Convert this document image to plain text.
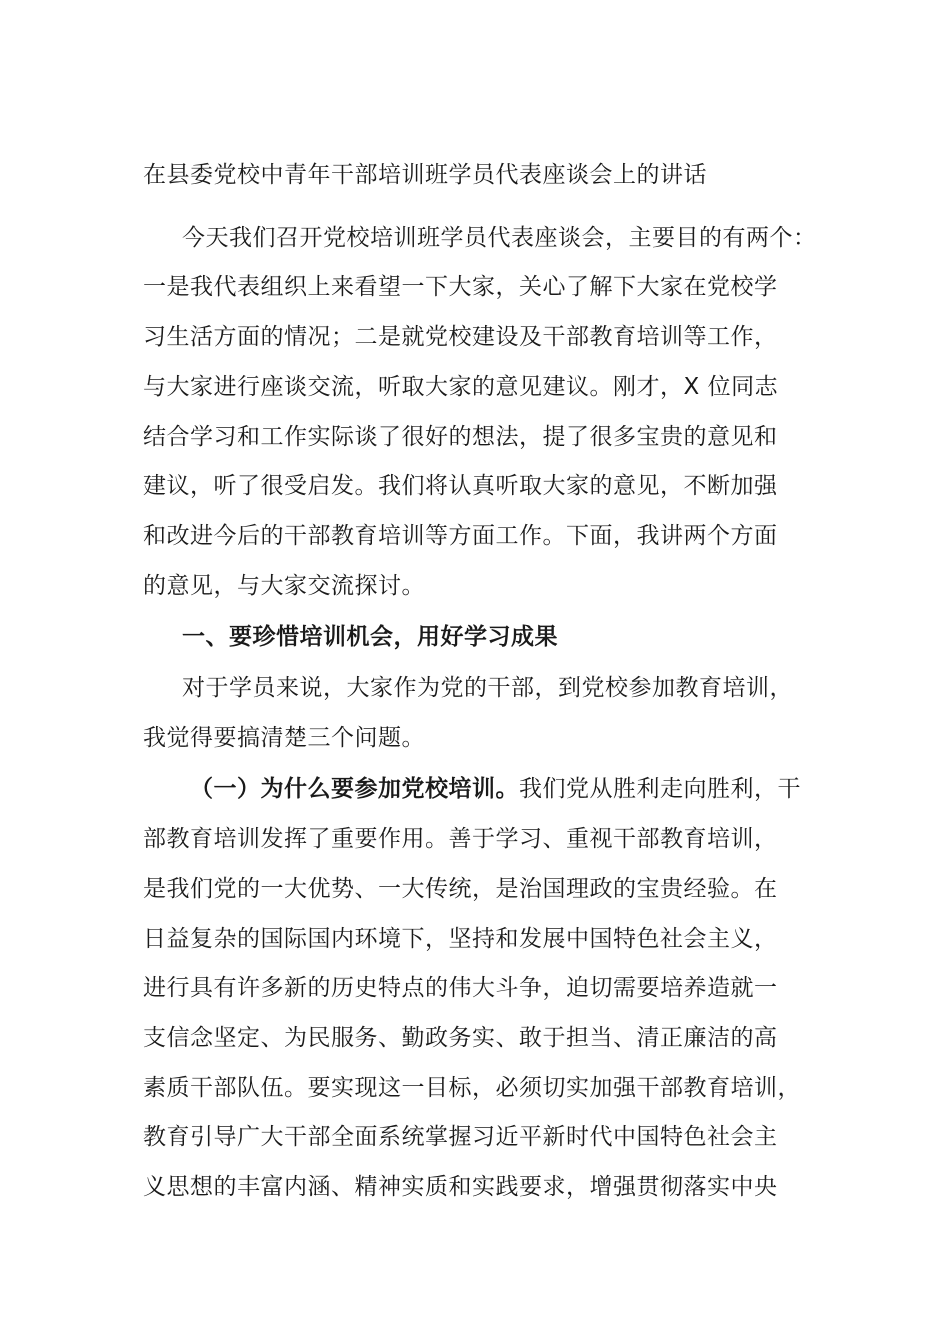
在县委党校中青年干部培训班学员代表座谈会上的讲话
今天我们召开党校培训班学员代表座谈会，主要目的有两个：
一是我代表组织上来看望一下大家，关心了解下大家在党校学
习生活方面的情况；二是就党校建设及干部教育培训等工作，
与大家进行座谈交流，听取大家的意见建议。刚才，X 位同志
结合学习和工作实际谈了很好的想法，提了很多宝贵的意见和
建议，听了很受启发。我们将认真听取大家的意见，不断加强
和改进今后的干部教育培训等方面工作。下面，我讲两个方面
的意见，与大家交流探讨。
一、要珍惜培训机会，用好学习成果
对于学员来说，大家作为党的干部，到党校参加教育培训，
我觉得要搞清楚三个问题。
（一）为什么要参加党校培训。我们党从胜利走向胜利，干
部教育培训发挥了重要作用。善于学习、重视干部教育培训，
是我们党的一大优势、一大传统，是治国理政的宝贵经验。在
日益复杂的国际国内环境下，坚持和发展中国特色社会主义，
进行具有许多新的历史特点的伟大斗争，迫切需要培养造就一
支信念坚定、为民服务、勤政务实、敢于担当、清正廉洁的高
素质干部队伍。要实现这一目标，必须切实加强干部教育培训，
教育引导广大干部全面系统掌握习近平新时代中国特色社会主
义思想的丰富内涵、精神实质和实践要求，增强贯彻落实中央
